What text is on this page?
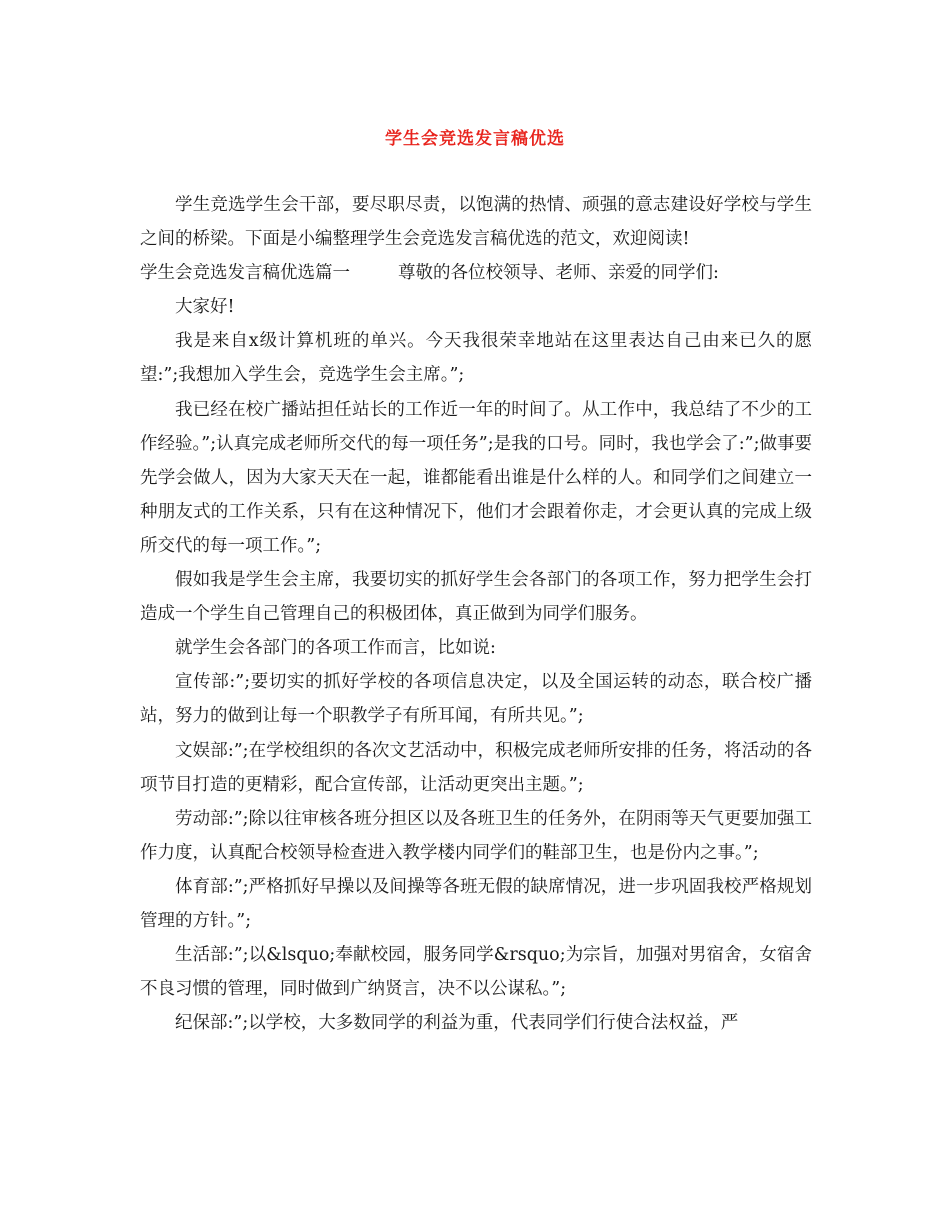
学生会竞选发言稿优选

学生竞选学生会干部，要尽职尽责，以饱满的热情、顽强的意志建设好学校与学生之间的桥梁。下面是小编整理学生会竞选发言稿优选的范文，欢迎阅读!

学生会竞选发言稿优选篇一	尊敬的各位校领导、老师、亲爱的同学们:

大家好!

我是来自x级计算机班的单兴。今天我很荣幸地站在这里表达自己由来已久的愿望:”;我想加入学生会，竞选学生会主席。”;

我已经在校广播站担任站长的工作近一年的时间了。从工作中，我总结了不少的工作经验。”;认真完成老师所交代的每一项任务”;是我的口号。同时，我也学会了:”;做事要先学会做人，因为大家天天在一起，谁都能看出谁是什么样的人。和同学们之间建立一种朋友式的工作关系，只有在这种情况下，他们才会跟着你走，才会更认真的完成上级所交代的每一项工作。”;

假如我是学生会主席，我要切实的抓好学生会各部门的各项工作，努力把学生会打造成一个学生自己管理自己的积极团体，真正做到为同学们服务。

就学生会各部门的各项工作而言，比如说:

宣传部:”;要切实的抓好学校的各项信息决定，以及全国运转的动态，联合校广播站，努力的做到让每一个职教学子有所耳闻，有所共见。”;

文娱部:”;在学校组织的各次文艺活动中，积极完成老师所安排的任务，将活动的各项节目打造的更精彩，配合宣传部，让活动更突出主题。”;

劳动部:”;除以往审核各班分担区以及各班卫生的任务外，在阴雨等天气更要加强工作力度，认真配合校领导检查进入教学楼内同学们的鞋部卫生，也是份内之事。”;

体育部:”;严格抓好早操以及间操等各班无假的缺席情况，进一步巩固我校严格规划管理的方针。”;

生活部:”;以&lsquo;奉献校园，服务同学&rsquo;为宗旨，加强对男宿舍，女宿舍不良习惯的管理，同时做到广纳贤言，决不以公谋私。”;

纪保部:”;以学校，大多数同学的利益为重，代表同学们行使合法权益，严
